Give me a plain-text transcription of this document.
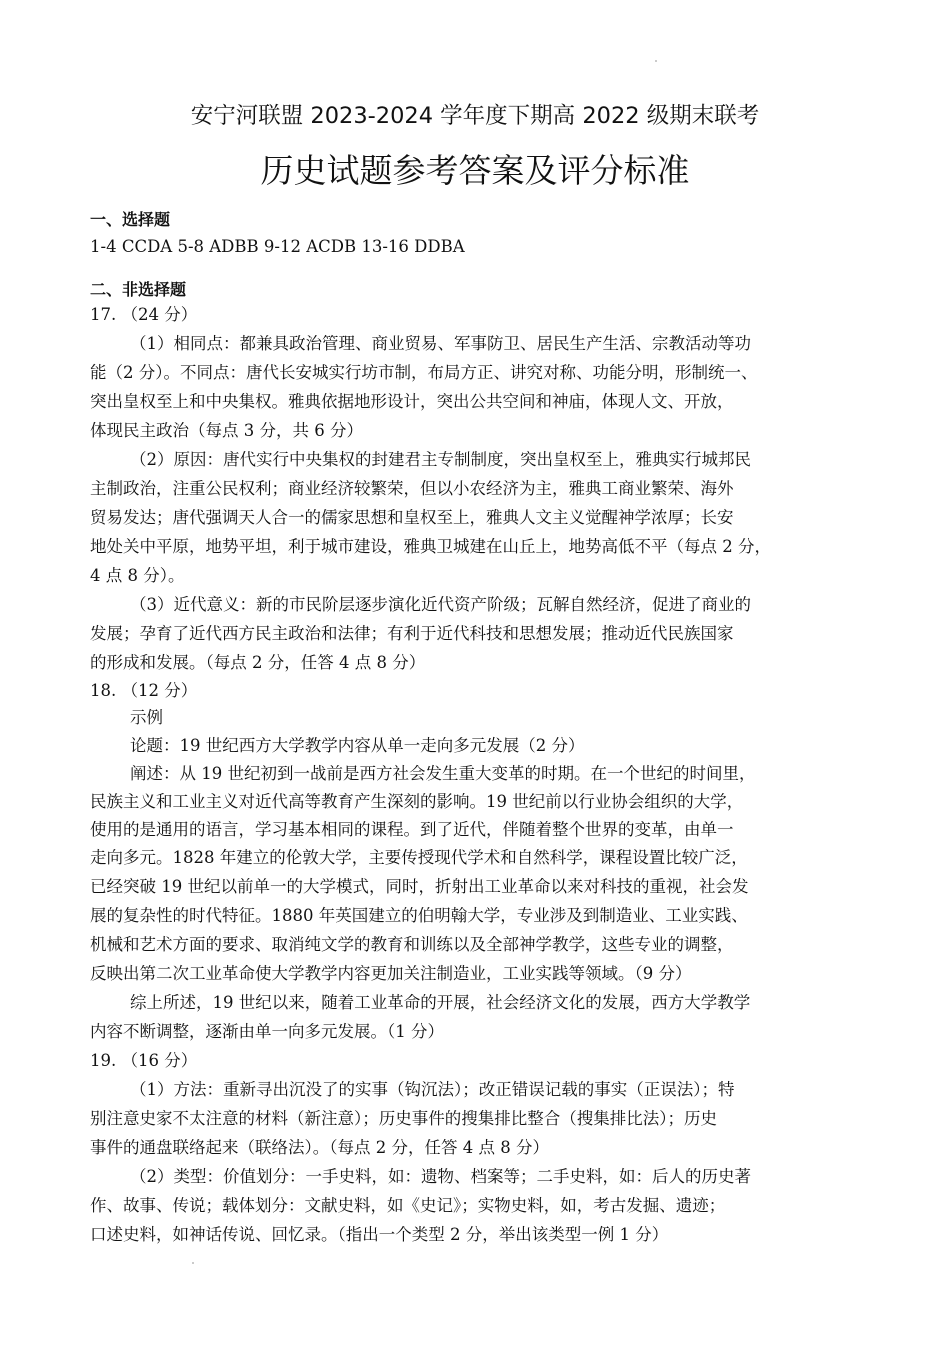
安宁河联盟 2023-2024 学年度下期高 2022 级期末联考
历史试题参考答案及评分标准
一、选择题
1-4 CCDA 5-8 ADBB 9-12 ACDB 13-16 DDBA
二、非选择题
17. （24 分）
（1）相同点：都兼具政治管理、商业贸易、军事防卫、居民生产生活、宗教活动等功
能（2 分）。不同点：唐代长安城实行坊市制，布局方正、讲究对称、功能分明，形制统一、
突出皇权至上和中央集权。雅典依据地形设计，突出公共空间和神庙，体现人文、开放，
体现民主政治（每点 3 分，共 6 分）
（2）原因：唐代实行中央集权的封建君主专制制度，突出皇权至上，雅典实行城邦民
主制政治，注重公民权利；商业经济较繁荣，但以小农经济为主，雅典工商业繁荣、海外
贸易发达；唐代强调天人合一的儒家思想和皇权至上，雅典人文主义觉醒神学浓厚；长安
地处关中平原，地势平坦，利于城市建设，雅典卫城建在山丘上，地势高低不平（每点 2 分，
4 点 8 分）。
（3）近代意义：新的市民阶层逐步演化近代资产阶级；瓦解自然经济，促进了商业的
发展；孕育了近代西方民主政治和法律；有利于近代科技和思想发展；推动近代民族国家
的形成和发展。（每点 2 分，任答 4 点 8 分）
18. （12 分）
示例
论题：19 世纪西方大学教学内容从单一走向多元发展（2 分）
阐述：从 19 世纪初到一战前是西方社会发生重大变革的时期。在一个世纪的时间里，
民族主义和工业主义对近代高等教育产生深刻的影响。19 世纪前以行业协会组织的大学，
使用的是通用的语言，学习基本相同的课程。到了近代，伴随着整个世界的变革，由单一
走向多元。1828 年建立的伦敦大学，主要传授现代学术和自然科学，课程设置比较广泛，
已经突破 19 世纪以前单一的大学模式，同时，折射出工业革命以来对科技的重视，社会发
展的复杂性的时代特征。1880 年英国建立的伯明翰大学，专业涉及到制造业、工业实践、
机械和艺术方面的要求、取消纯文学的教育和训练以及全部神学教学，这些专业的调整，
反映出第二次工业革命使大学教学内容更加关注制造业，工业实践等领域。（9 分）
综上所述，19 世纪以来，随着工业革命的开展，社会经济文化的发展，西方大学教学
内容不断调整，逐渐由单一向多元发展。（1 分）
19. （16 分）
（1）方法：重新寻出沉没了的实事（钩沉法）；改正错误记载的事实（正误法）；特
别注意史家不太注意的材料（新注意）；历史事件的搜集排比整合（搜集排比法）；历史
事件的通盘联络起来（联络法）。（每点 2 分，任答 4 点 8 分）
（2）类型：价值划分：一手史料，如：遗物、档案等；二手史料，如：后人的历史著
作、故事、传说；载体划分：文献史料，如《史记》；实物史料，如，考古发掘、遗迹；
口述史料，如神话传说、回忆录。（指出一个类型 2 分，举出该类型一例 1 分）
